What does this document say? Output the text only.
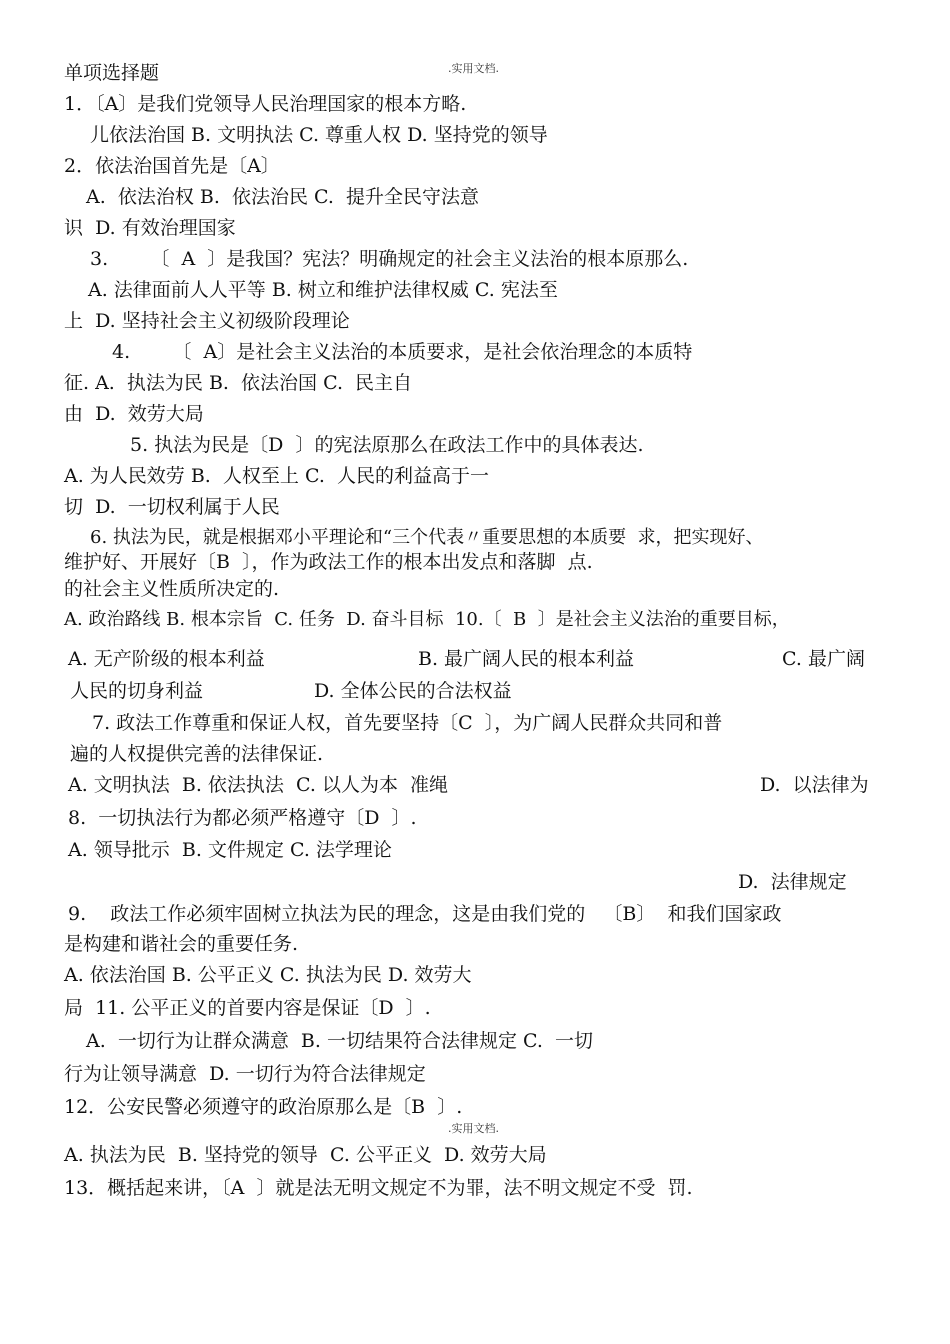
.实用文档.
单项选择题
1．〔A〕是我们党领导人民治理国家的根本方略.
儿依法治国 B. 文明执法 C. 尊重人权 D. 坚持党的领导
2．依法治国首先是〔A〕
A.  依法治权 B.  依法治民 C.  提升全民守法意
识  D. 有效治理国家
3.       〔  A  〕是我国？宪法？明确规定的社会主义法治的根本原那么.
A. 法律面前人人平等 B. 树立和维护法律权威 C. 宪法至
上  D. 坚持社会主义初级阶段理论
4.       〔  A〕是社会主义法治的本质要求，是社会依治理念的本质特
征. A.  执法为民 B.  依法治国 C.  民主自
由  D.  效劳大局
5. 执法为民是〔D  〕的宪法原那么在政法工作中的具体表达.
A. 为人民效劳 B.  人权至上 C.  人民的利益高于一
切  D.  一切权利属于人民
6. 执法为民，就是根据邓小平理论和“三个代表〃重要思想的本质要  求，把实现好、
维护好、开展好〔B  〕，作为政法工作的根本出发点和落脚  点.
的社会主义性质所决定的.
A. 政治路线 B. 根本宗旨  C. 任务  D. 奋斗目标  10.〔  B  〕是社会主义法治的重要目标，
A. 无产阶级的根本利益	B. 最广阔人民的根本利益	C. 最广阔
人民的切身利益	D. 全体公民的合法权益
7. 政法工作尊重和保证人权，首先要坚持〔C  〕，为广阔人民群众共同和普
遍的人权提供完善的法律保证.
A. 文明执法  B. 依法执法  C. 以人为本  准绳	D.  以法律为
8.  一切执法行为都必须严格遵守〔D  〕.
A. 领导批示  B. 文件规定 C. 法学理论
D.  法律规定
9.    政法工作必须牢固树立执法为民的理念，这是由我们党的   〔B〕  和我们国家政
是构建和谐社会的重要任务.
A. 依法治国 B. 公平正义 C. 执法为民 D. 效劳大
局  11. 公平正义的首要内容是保证〔D  〕.
A.  一切行为让群众满意  B. 一切结果符合法律规定 C.  一切
行为让领导满意  D. 一切行为符合法律规定
12．公安民警必须遵守的政治原那么是〔B  〕.
.实用文档.
A. 执法为民  B. 坚持党的领导  C. 公平正义  D. 效劳大局
13．概括起来讲，〔A  〕就是法无明文规定不为罪，法不明文规定不受  罚.
